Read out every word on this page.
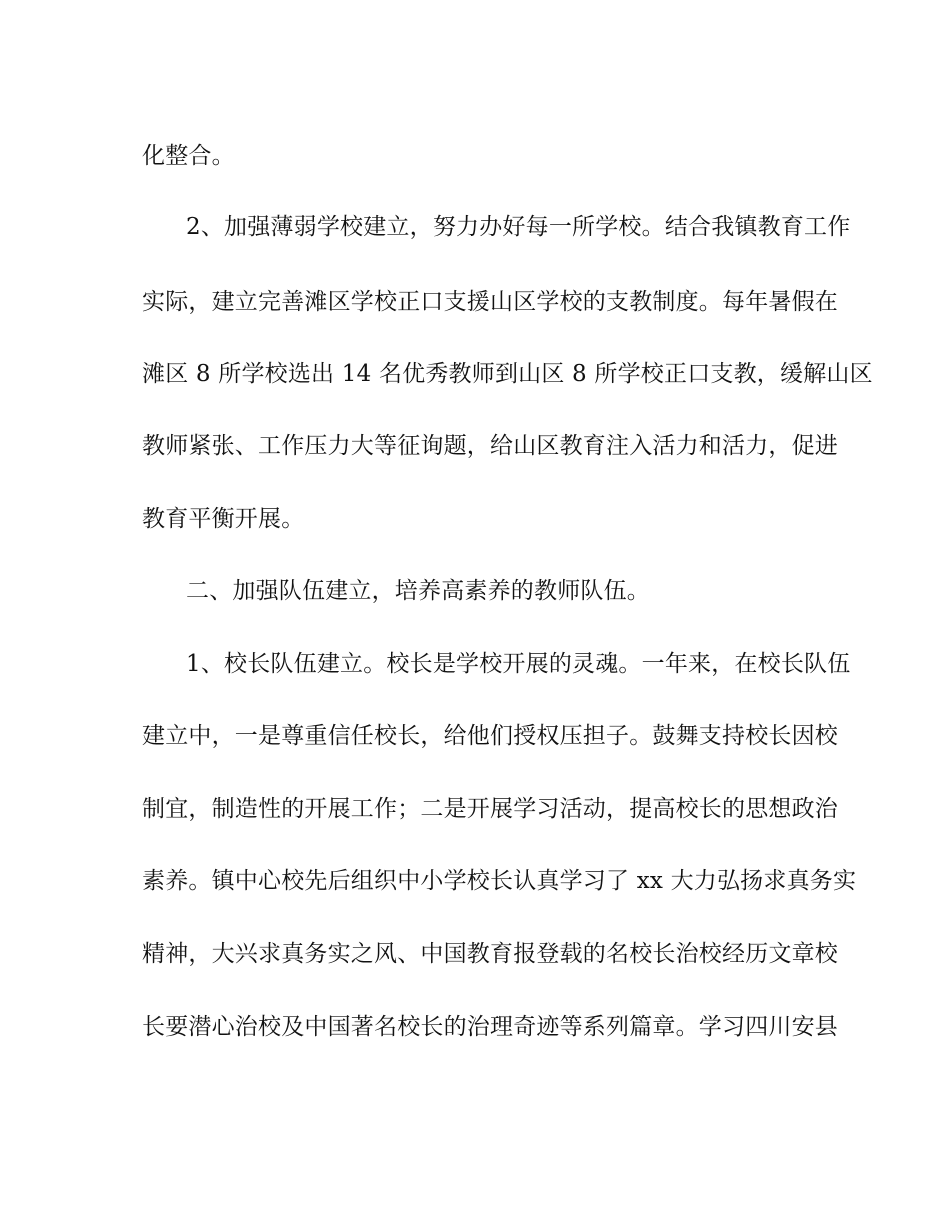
化整合。
2、加强薄弱学校建立，努力办好每一所学校。结合我镇教育工作
实际，建立完善滩区学校正口支援山区学校的支教制度。每年暑假在
滩区 8 所学校选出 14 名优秀教师到山区 8 所学校正口支教，缓解山区
教师紧张、工作压力大等征询题，给山区教育注入活力和活力，促进
教育平衡开展。
二、加强队伍建立，培养高素养的教师队伍。
1、校长队伍建立。校长是学校开展的灵魂。一年来，在校长队伍
建立中，一是尊重信任校长，给他们授权压担子。鼓舞支持校长因校
制宜，制造性的开展工作；二是开展学习活动，提高校长的思想政治
素养。镇中心校先后组织中小学校长认真学习了 xx 大力弘扬求真务实
精神，大兴求真务实之风、中国教育报登载的名校长治校经历文章校
长要潜心治校及中国著名校长的治理奇迹等系列篇章。学习四川安县
